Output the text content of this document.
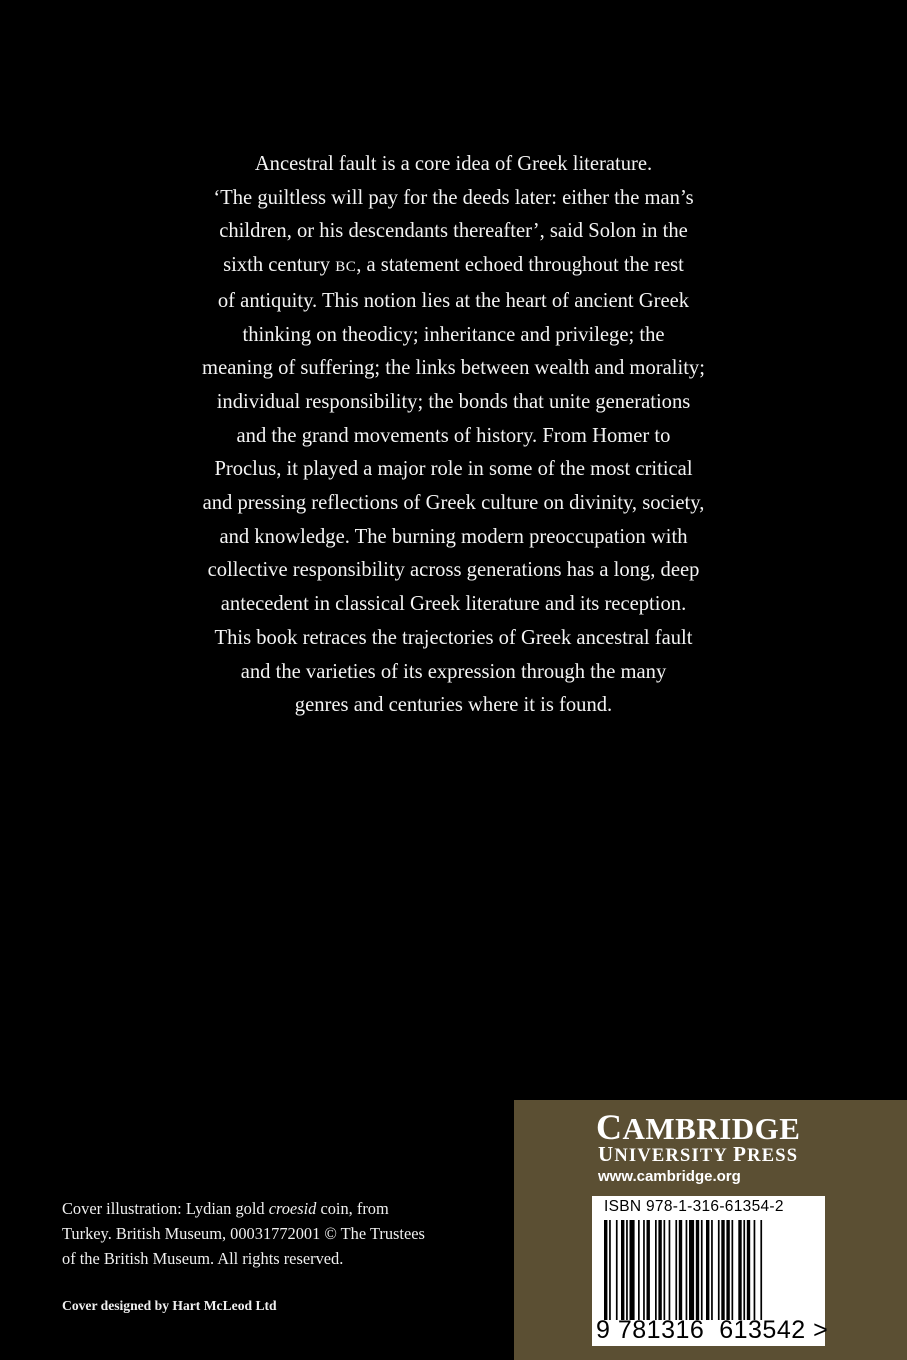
Ancestral fault is a core idea of Greek literature.
‘The guiltless will pay for the deeds later: either the man’s
children, or his descendants thereafter’, said Solon in the
sixth century BC, a statement echoed throughout the rest
of antiquity. This notion lies at the heart of ancient Greek
thinking on theodicy; inheritance and privilege; the
meaning of suffering; the links between wealth and morality;
individual responsibility; the bonds that unite generations
and the grand movements of history. From Homer to
Proclus, it played a major role in some of the most critical
and pressing reflections of Greek culture on divinity, society,
and knowledge. The burning modern preoccupation with
collective responsibility across generations has a long, deep
antecedent in classical Greek literature and its reception.
This book retraces the trajectories of Greek ancestral fault
and the varieties of its expression through the many
genres and centuries where it is found.
Cover illustration: Lydian gold croesid coin, from
Turkey. British Museum, 00031772001 © The Trustees
of the British Museum. All rights reserved.
Cover designed by Hart McLeod Ltd
CAMBRIDGE
UNIVERSITY PRESS
www.cambridge.org
ISBN 978-1-316-61354-2
9 781316 613542 >
